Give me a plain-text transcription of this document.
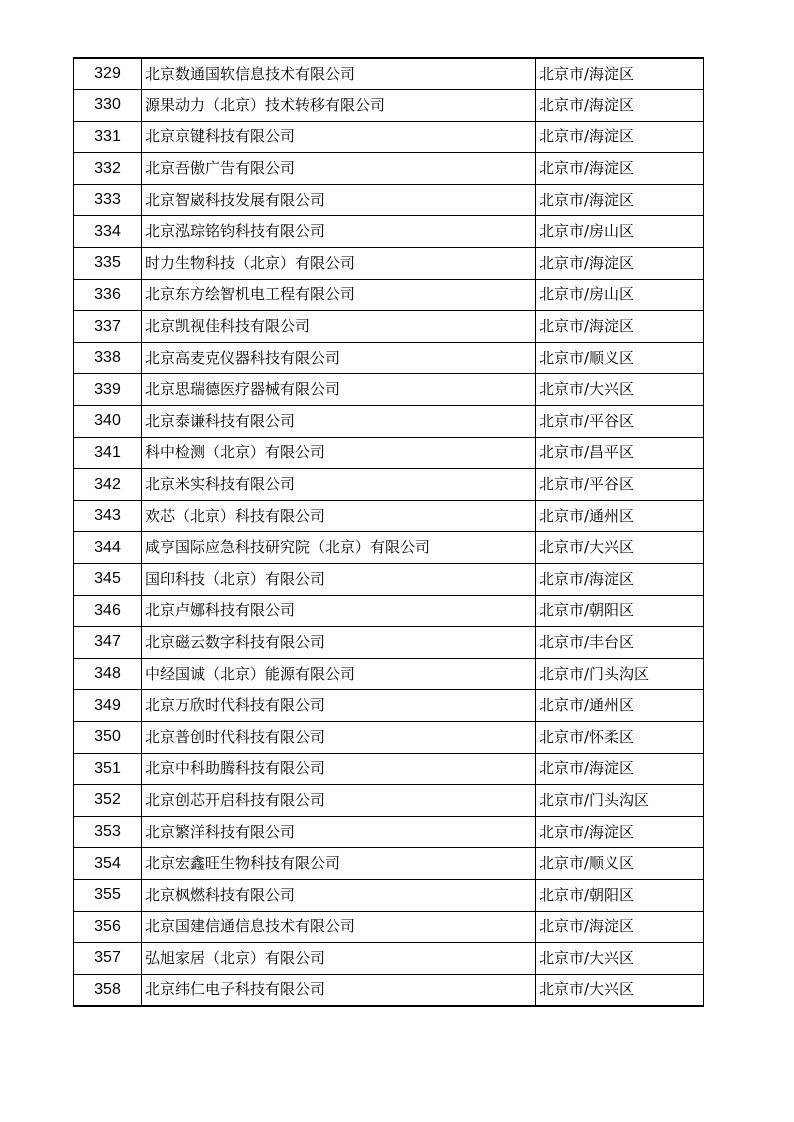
329	北京数通国软信息技术有限公司	北京市/海淀区
330	源果动力（北京）技术转移有限公司	北京市/海淀区
331	北京京键科技有限公司	北京市/海淀区
332	北京吾傲广告有限公司	北京市/海淀区
333	北京智崴科技发展有限公司	北京市/海淀区
334	北京泓琮铭钧科技有限公司	北京市/房山区
335	时力生物科技（北京）有限公司	北京市/海淀区
336	北京东方绘智机电工程有限公司	北京市/房山区
337	北京凯视佳科技有限公司	北京市/海淀区
338	北京高麦克仪器科技有限公司	北京市/顺义区
339	北京思瑞德医疗器械有限公司	北京市/大兴区
340	北京泰谦科技有限公司	北京市/平谷区
341	科中检测（北京）有限公司	北京市/昌平区
342	北京米实科技有限公司	北京市/平谷区
343	欢芯（北京）科技有限公司	北京市/通州区
344	咸亨国际应急科技研究院（北京）有限公司	北京市/大兴区
345	国印科技（北京）有限公司	北京市/海淀区
346	北京卢娜科技有限公司	北京市/朝阳区
347	北京磁云数字科技有限公司	北京市/丰台区
348	中经国诚（北京）能源有限公司	北京市/门头沟区
349	北京万欣时代科技有限公司	北京市/通州区
350	北京普创时代科技有限公司	北京市/怀柔区
351	北京中科助腾科技有限公司	北京市/海淀区
352	北京创芯开启科技有限公司	北京市/门头沟区
353	北京繁洋科技有限公司	北京市/海淀区
354	北京宏鑫旺生物科技有限公司	北京市/顺义区
355	北京枫燃科技有限公司	北京市/朝阳区
356	北京国建信通信息技术有限公司	北京市/海淀区
357	弘旭家居（北京）有限公司	北京市/大兴区
358	北京纬仁电子科技有限公司	北京市/大兴区
